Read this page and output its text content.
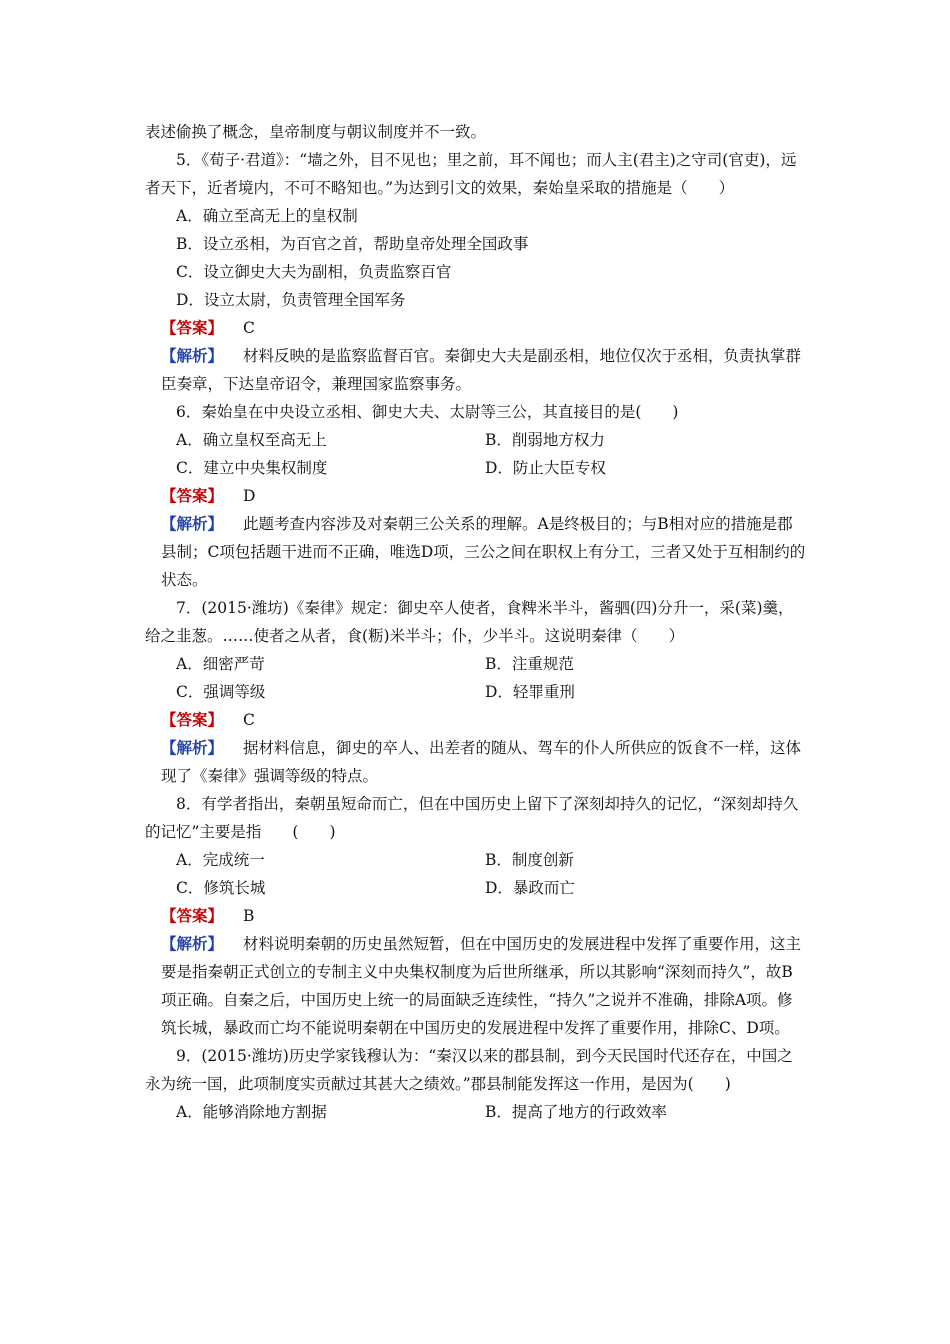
表述偷换了概念，皇帝制度与朝议制度并不一致。

5．《荀子·君道》：“墙之外，目不见也；里之前，耳不闻也；而人主(君主)之守司(官吏)，远者天下，近者境内，不可不略知也。”为达到引文的效果，秦始皇采取的措施是（　　）

A．确立至高无上的皇权制

B．设立丞相，为百官之首，帮助皇帝处理全国政事

C．设立御史大夫为副相，负责监察百官

D．设立太尉，负责管理全国军务

【答案】 C

【解析】 材料反映的是监察监督百官。秦御史大夫是副丞相，地位仅次于丞相，负责执掌群臣奏章，下达皇帝诏令，兼理国家监察事务。

6．秦始皇在中央设立丞相、御史大夫、太尉等三公，其直接目的是(　　)

A．确立皇权至高无上	B．削弱地方权力
C．建立中央集权制度	D．防止大臣专权

【答案】 D

【解析】 此题考查内容涉及对秦朝三公关系的理解。A是终极目的；与B相对应的措施是郡县制；C项包括题干进而不正确，唯选D项，三公之间在职权上有分工，三者又处于互相制约的状态。

7．(2015·潍坊)《秦律》规定：御史卒人使者，食粺米半斗，酱驷(四)分升一，采(菜)羹，给之韭葱。……使者之从者，食(粝)米半斗；仆，少半斗。这说明秦律（　　）

A．细密严苛	B．注重规范
C．强调等级	D．轻罪重刑

【答案】 C

【解析】 据材料信息，御史的卒人、出差者的随从、驾车的仆人所供应的饭食不一样，这体现了《秦律》强调等级的特点。

8．有学者指出，秦朝虽短命而亡，但在中国历史上留下了深刻却持久的记忆，“深刻却持久的记忆”主要是指　　(　　)

A．完成统一	B．制度创新
C．修筑长城	D．暴政而亡

【答案】 B

【解析】 材料说明秦朝的历史虽然短暂，但在中国历史的发展进程中发挥了重要作用，这主要是指秦朝正式创立的专制主义中央集权制度为后世所继承，所以其影响“深刻而持久”，故B项正确。自秦之后，中国历史上统一的局面缺乏连续性，“持久”之说并不准确，排除A项。修筑长城，暴政而亡均不能说明秦朝在中国历史的发展进程中发挥了重要作用，排除C、D项。

9．(2015·潍坊)历史学家钱穆认为：“秦汉以来的郡县制，到今天民国时代还存在，中国之永为统一国，此项制度实贡献过其甚大之绩效。”郡县制能发挥这一作用，是因为(　　)

A．能够消除地方割据	B．提高了地方的行政效率
